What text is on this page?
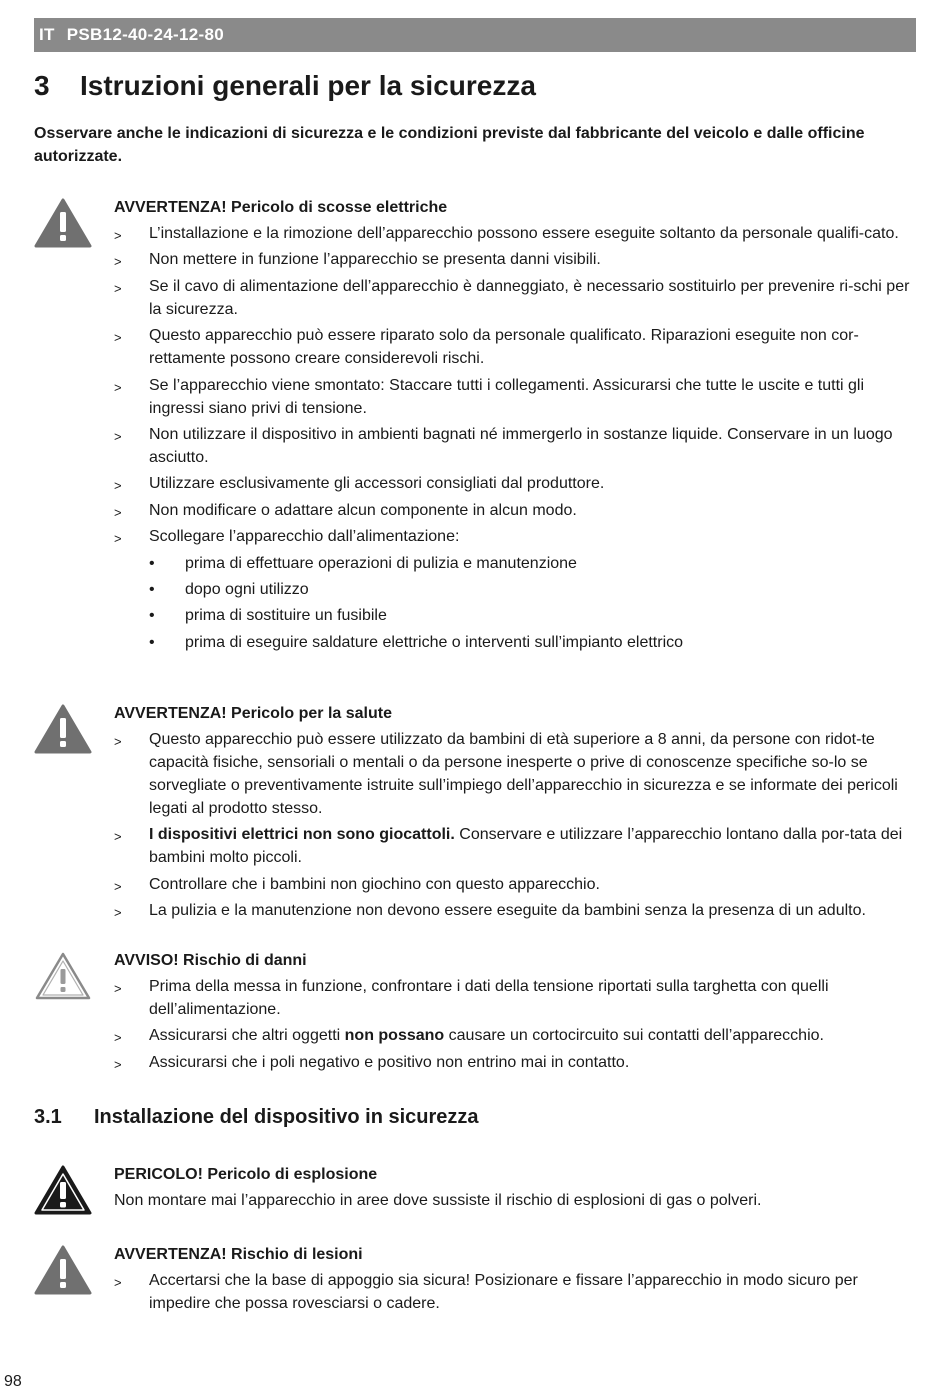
IT PSB12-40-24-12-80
3 Istruzioni generali per la sicurezza

Osservare anche le indicazioni di sicurezza e le condizioni previste dal fabbricante del veicolo e dalle officine autorizzate.

AVVERTENZA! Pericolo di scosse elettriche

> L’installazione e la rimozione dell’apparecchio possono essere eseguite soltanto da personale qualifi-cato.
> Non mettere in funzione l’apparecchio se presenta danni visibili.
> Se il cavo di alimentazione dell’apparecchio è danneggiato, è necessario sostituirlo per prevenire ri-schi per la sicurezza.
> Questo apparecchio può essere riparato solo da personale qualificato. Riparazioni eseguite non cor-rettamente possono creare considerevoli rischi.
> Se l’apparecchio viene smontato: Staccare tutti i collegamenti. Assicurarsi che tutte le uscite e tutti gli ingressi siano privi di tensione.
> Non utilizzare il dispositivo in ambienti bagnati né immergerlo in sostanze liquide. Conservare in un luogo asciutto.
> Utilizzare esclusivamente gli accessori consigliati dal produttore.
> Non modificare o adattare alcun componente in alcun modo.
> Scollegare l’apparecchio dall’alimentazione:
• prima di effettuare operazioni di pulizia e manutenzione
• dopo ogni utilizzo
• prima di sostituire un fusibile
• prima di eseguire saldature elettriche o interventi sull’impianto elettrico

AVVERTENZA! Pericolo per la salute

> Questo apparecchio può essere utilizzato da bambini di età superiore a 8 anni, da persone con ridot-te capacità fisiche, sensoriali o mentali o da persone inesperte o prive di conoscenze specifiche so-lo se sorvegliate o preventivamente istruite sull’impiego dell’apparecchio in sicurezza e se informate dei pericoli legati al prodotto stesso.
> I dispositivi elettrici non sono giocattoli. Conservare e utilizzare l’apparecchio lontano dalla por-tata dei bambini molto piccoli.
> Controllare che i bambini non giochino con questo apparecchio.
> La pulizia e la manutenzione non devono essere eseguite da bambini senza la presenza di un adulto.

AVVISO! Rischio di danni

> Prima della messa in funzione, confrontare i dati della tensione riportati sulla targhetta con quelli dell’alimentazione.
> Assicurarsi che altri oggetti non possano causare un cortocircuito sui contatti dell’apparecchio.
> Assicurarsi che i poli negativo e positivo non entrino mai in contatto.
3.1 Installazione del dispositivo in sicurezza

PERICOLO! Pericolo di esplosione

Non montare mai l’apparecchio in aree dove sussiste il rischio di esplosioni di gas o polveri.

AVVERTENZA! Rischio di lesioni

> Accertarsi che la base di appoggio sia sicura! Posizionare e fissare l’apparecchio in modo sicuro per impedire che possa rovesciarsi o cadere.
98
